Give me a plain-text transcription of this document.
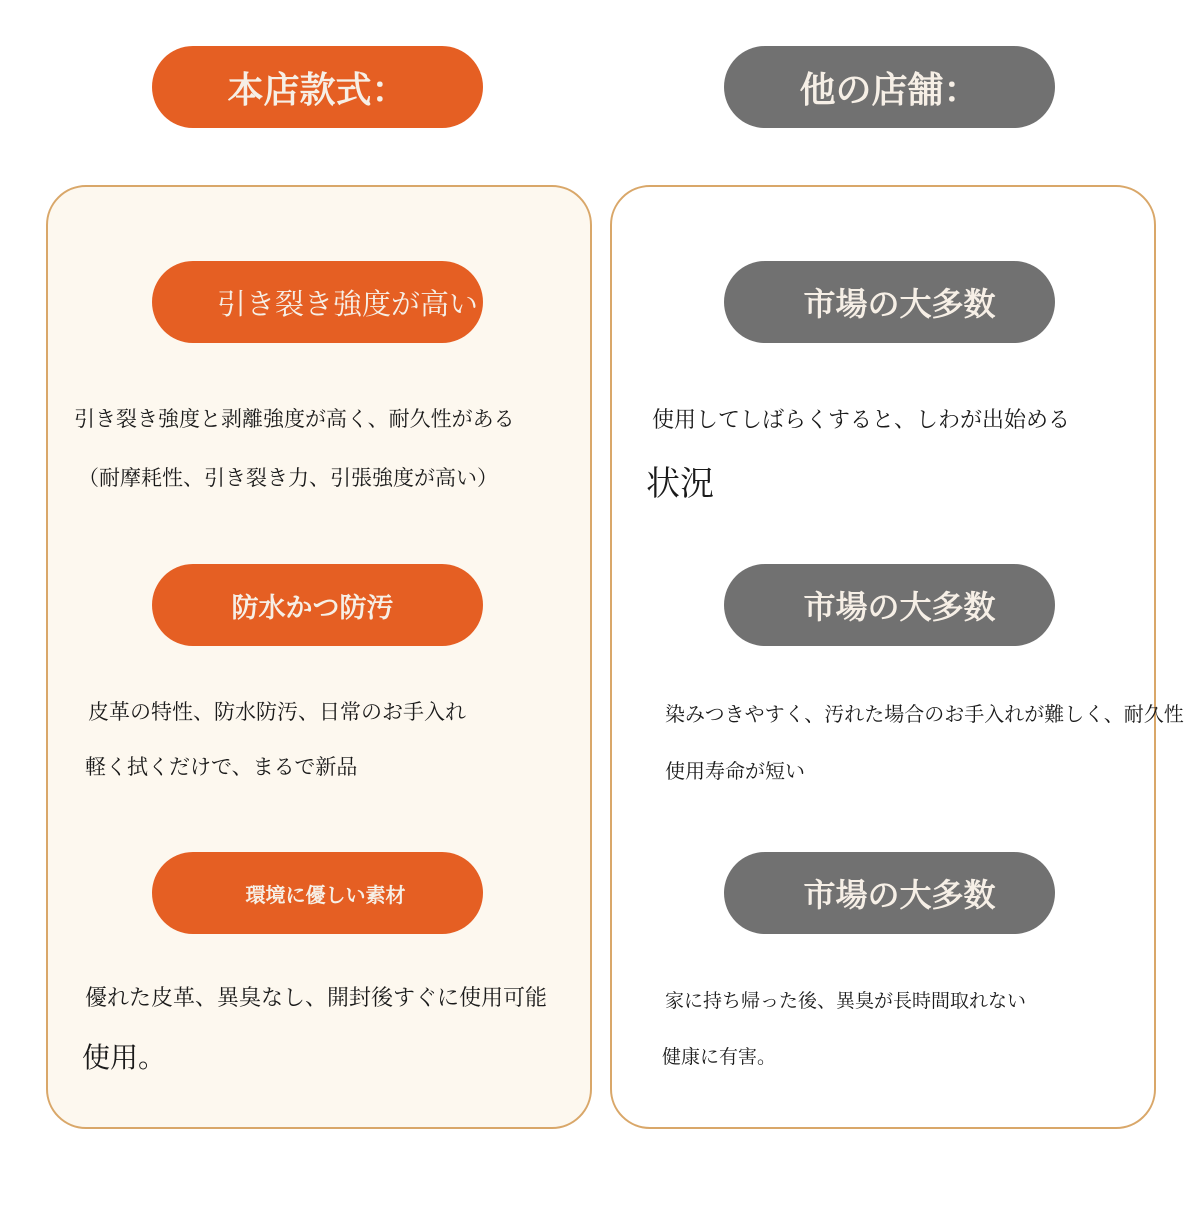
本店款式：	他の店舗：
引き裂き強度が高い
引き裂き強度と剥離強度が高く、耐久性がある
（耐摩耗性、引き裂き力、引張強度が高い）
防水かつ防汚
皮革の特性、防水防汚、日常のお手入れ
軽く拭くだけで、まるで新品
環境に優しい素材
優れた皮革、異臭なし、開封後すぐに使用可能
使用。
市場の大多数
使用してしばらくすると、しわが出始める
状況
市場の大多数
染みつきやすく、汚れた場合のお手入れが難しく、耐久性
使用寿命が短い
市場の大多数
家に持ち帰った後、異臭が長時間取れない
健康に有害。
